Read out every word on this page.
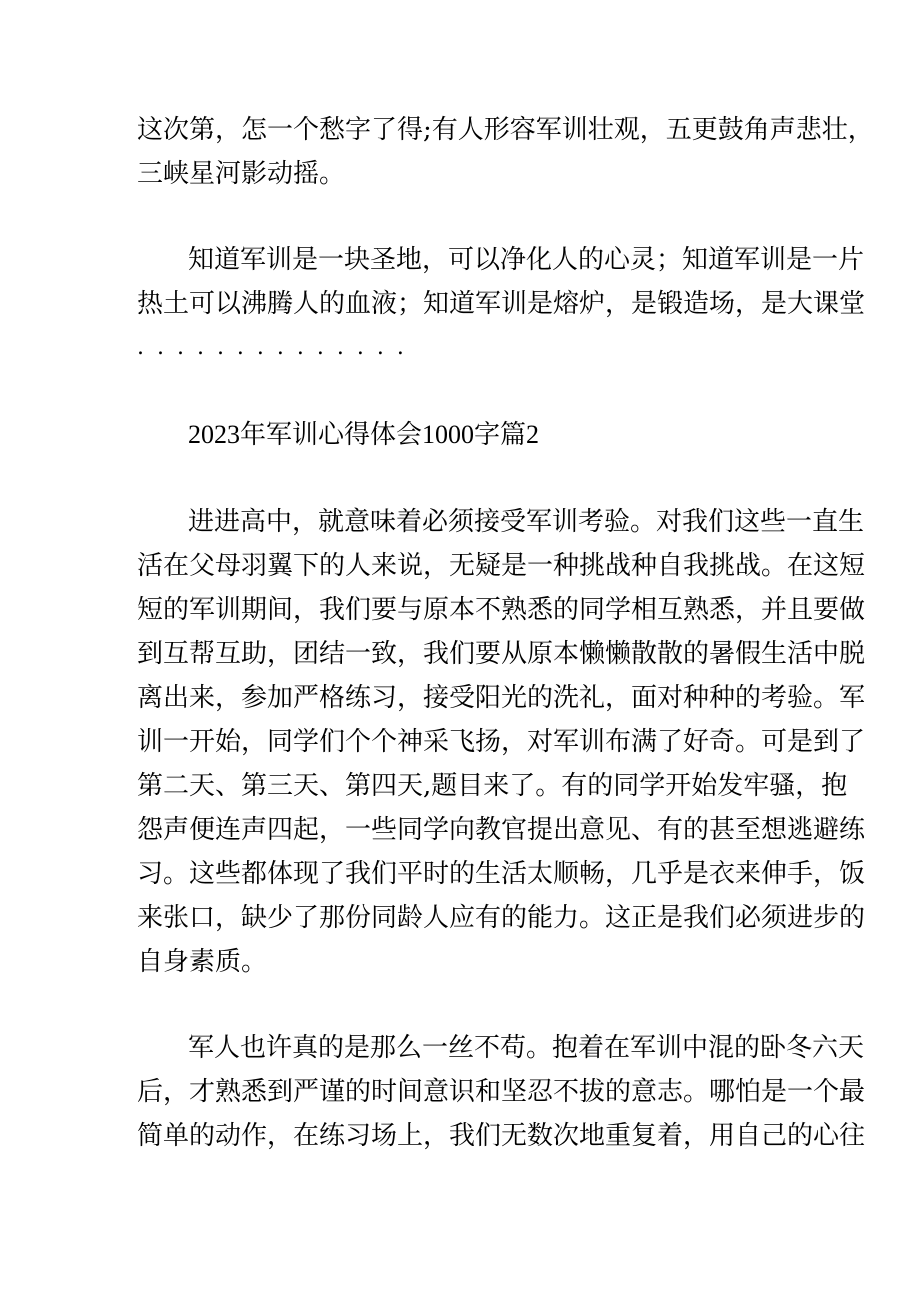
这次第，怎一个愁字了得;有人形容军训壮观，五更鼓角声悲壮，
三峡星河影动摇。
知道军训是一块圣地，可以净化人的心灵；知道军训是一片
热土可以沸腾人的血液；知道军训是熔炉，是锻造场，是大课堂
. . . . . . . . . . . . . .
2023年军训心得体会1000字篇2
进进高中，就意味着必须接受军训考验。对我们这些一直生
活在父母羽翼下的人来说，无疑是一种挑战种自我挑战。在这短
短的军训期间，我们要与原本不熟悉的同学相互熟悉，并且要做
到互帮互助，团结一致，我们要从原本懒懒散散的暑假生活中脱
离出来，参加严格练习，接受阳光的洗礼，面对种种的考验。军
训一开始，同学们个个神采飞扬，对军训布满了好奇。可是到了
第二天、第三天、第四天,题目来了。有的同学开始发牢骚，抱
怨声便连声四起，一些同学向教官提出意见、有的甚至想逃避练
习。这些都体现了我们平时的生活太顺畅，几乎是衣来伸手，饭
来张口，缺少了那份同龄人应有的能力。这正是我们必须进步的
自身素质。
军人也许真的是那么一丝不苟。抱着在军训中混的卧冬六天
后，才熟悉到严谨的时间意识和坚忍不拔的意志。哪怕是一个最
简单的动作，在练习场上，我们无数次地重复着，用自己的心往
